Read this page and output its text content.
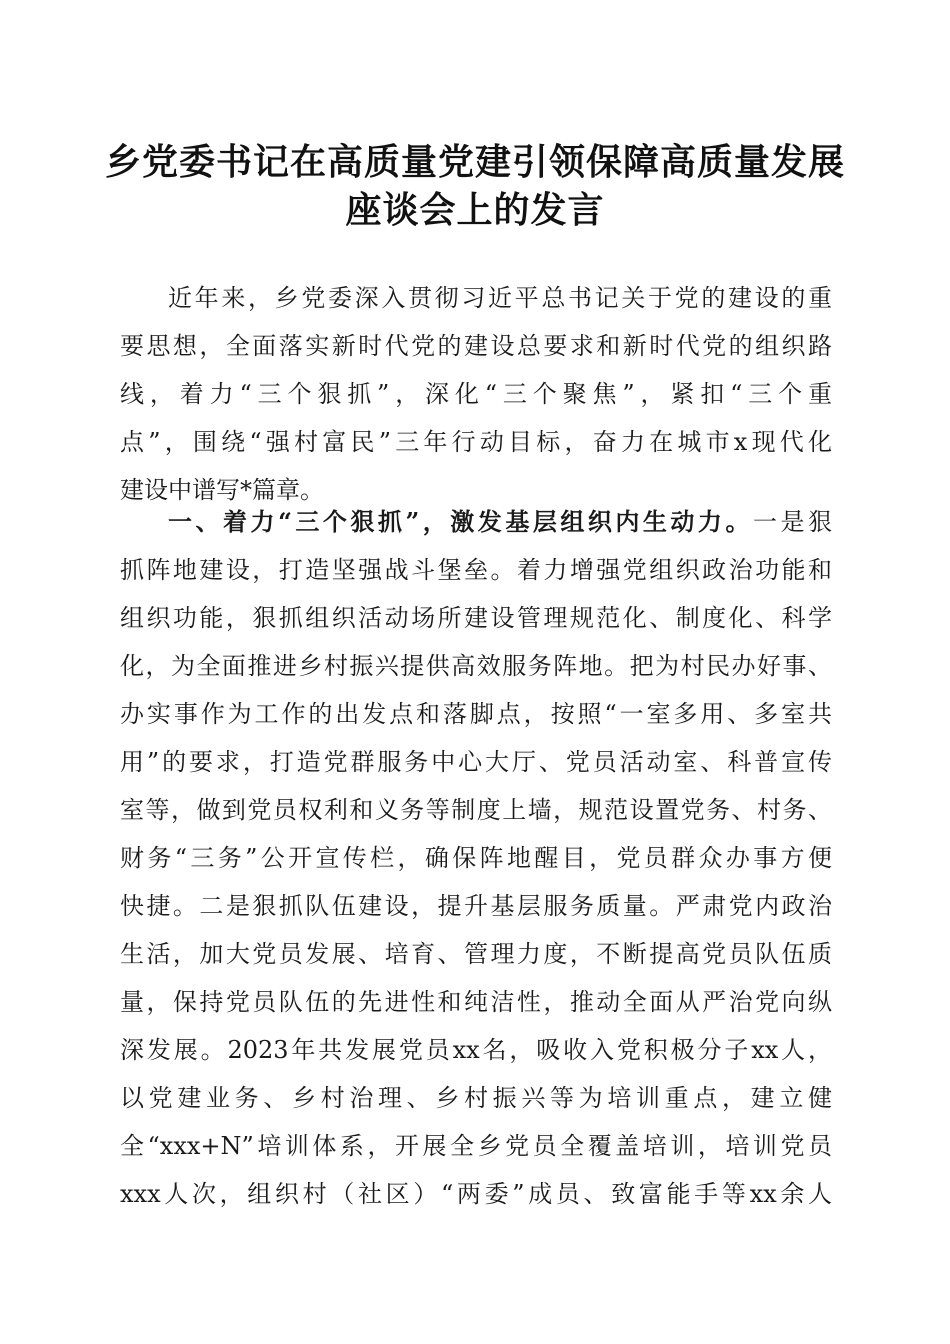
乡党委书记在高质量党建引领保障高质量发展
座谈会上的发言
近年来，乡党委深入贯彻习近平总书记关于党的建设的重
要思想，全面落实新时代党的建设总要求和新时代党的组织路
线，着力“三个狠抓”，深化“三个聚焦”，紧扣“三个重
点”，围绕“强村富民”三年行动目标，奋力在城市x现代化
建设中谱写*篇章。
一、着力“三个狠抓”，激发基层组织内生动力。一是狠
抓阵地建设，打造坚强战斗堡垒。着力增强党组织政治功能和
组织功能，狠抓组织活动场所建设管理规范化、制度化、科学
化，为全面推进乡村振兴提供高效服务阵地。把为村民办好事、
办实事作为工作的出发点和落脚点，按照“一室多用、多室共
用”的要求，打造党群服务中心大厅、党员活动室、科普宣传
室等，做到党员权利和义务等制度上墙，规范设置党务、村务、
财务“三务”公开宣传栏，确保阵地醒目，党员群众办事方便
快捷。二是狠抓队伍建设，提升基层服务质量。严肃党内政治
生活，加大党员发展、培育、管理力度，不断提高党员队伍质
量，保持党员队伍的先进性和纯洁性，推动全面从严治党向纵
深发展。2023年共发展党员xx名，吸收入党积极分子xx人，
以党建业务、乡村治理、乡村振兴等为培训重点，建立健
全“xxx+N”培训体系，开展全乡党员全覆盖培训，培训党员
xxx人次，组织村（社区）“两委”成员、致富能手等xx余人
